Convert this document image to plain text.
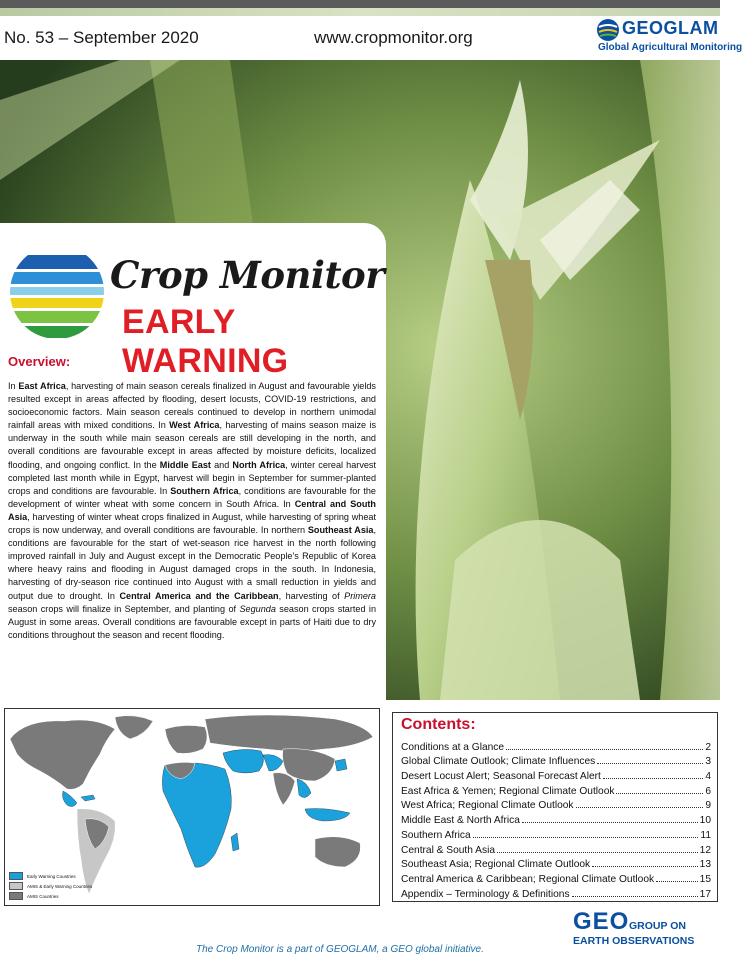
No. 53 – September 2020	www.cropmonitor.org	GEOGLAM
Global Agricultural Monitoring
Crop Monitor
EARLY WARNING
Overview:

In East Africa, harvesting of main season cereals finalized in August and favourable yields resulted except in areas affected by flooding, desert locusts, COVID-19 restrictions, and socioeconomic factors. Main season cereals continued to develop in northern unimodal rainfall areas with mixed conditions. In West Africa, harvesting of mains season maize is underway in the south while main season cereals are still developing in the north, and overall conditions are favourable except in areas affected by moisture deficits, localized flooding, and ongoing conflict. In the Middle East and North Africa, winter cereal harvest completed last month while in Egypt, harvest will begin in September for summer-planted crops and conditions are favourable. In Southern Africa, conditions are favourable for the development of winter wheat with some concern in South Africa. In Central and South Asia, harvesting of winter wheat crops finalized in August, while harvesting of spring wheat crops is now underway, and overall conditions are favourable. In northern Southeast Asia, conditions are favourable for the start of wet-season rice harvest in the north following improved rainfall in July and August except in the Democratic People's Republic of Korea where heavy rains and flooding in August damaged crops in the south. In Indonesia, harvesting of dry-season rice continued into August with a small reduction in yields and output due to drought. In Central America and the Caribbean, harvesting of Primera season crops will finalize in September, and planting of Segunda season crops started in August in some areas. Overall conditions are favourable except in parts of Haiti due to dry conditions throughout the season and recent flooding.

Early Warning Countries
AMIS & Early Warning Countries
AMIS Countries
Contents:
Conditions at a Glance	2
Global Climate Outlook; Climate Influences	3
Desert Locust Alert; Seasonal Forecast Alert	4
East Africa & Yemen; Regional Climate Outlook	6
West Africa; Regional Climate Outlook	9
Middle East & North Africa	10
Southern Africa	11
Central & South Asia	12
Southeast Asia; Regional Climate Outlook	13
Central America & Caribbean; Regional Climate Outlook	15
Appendix – Terminology & Definitions	17
GEO GROUP ON
EARTH OBSERVATIONS
The Crop Monitor is a part of GEOGLAM, a GEO global initiative.
